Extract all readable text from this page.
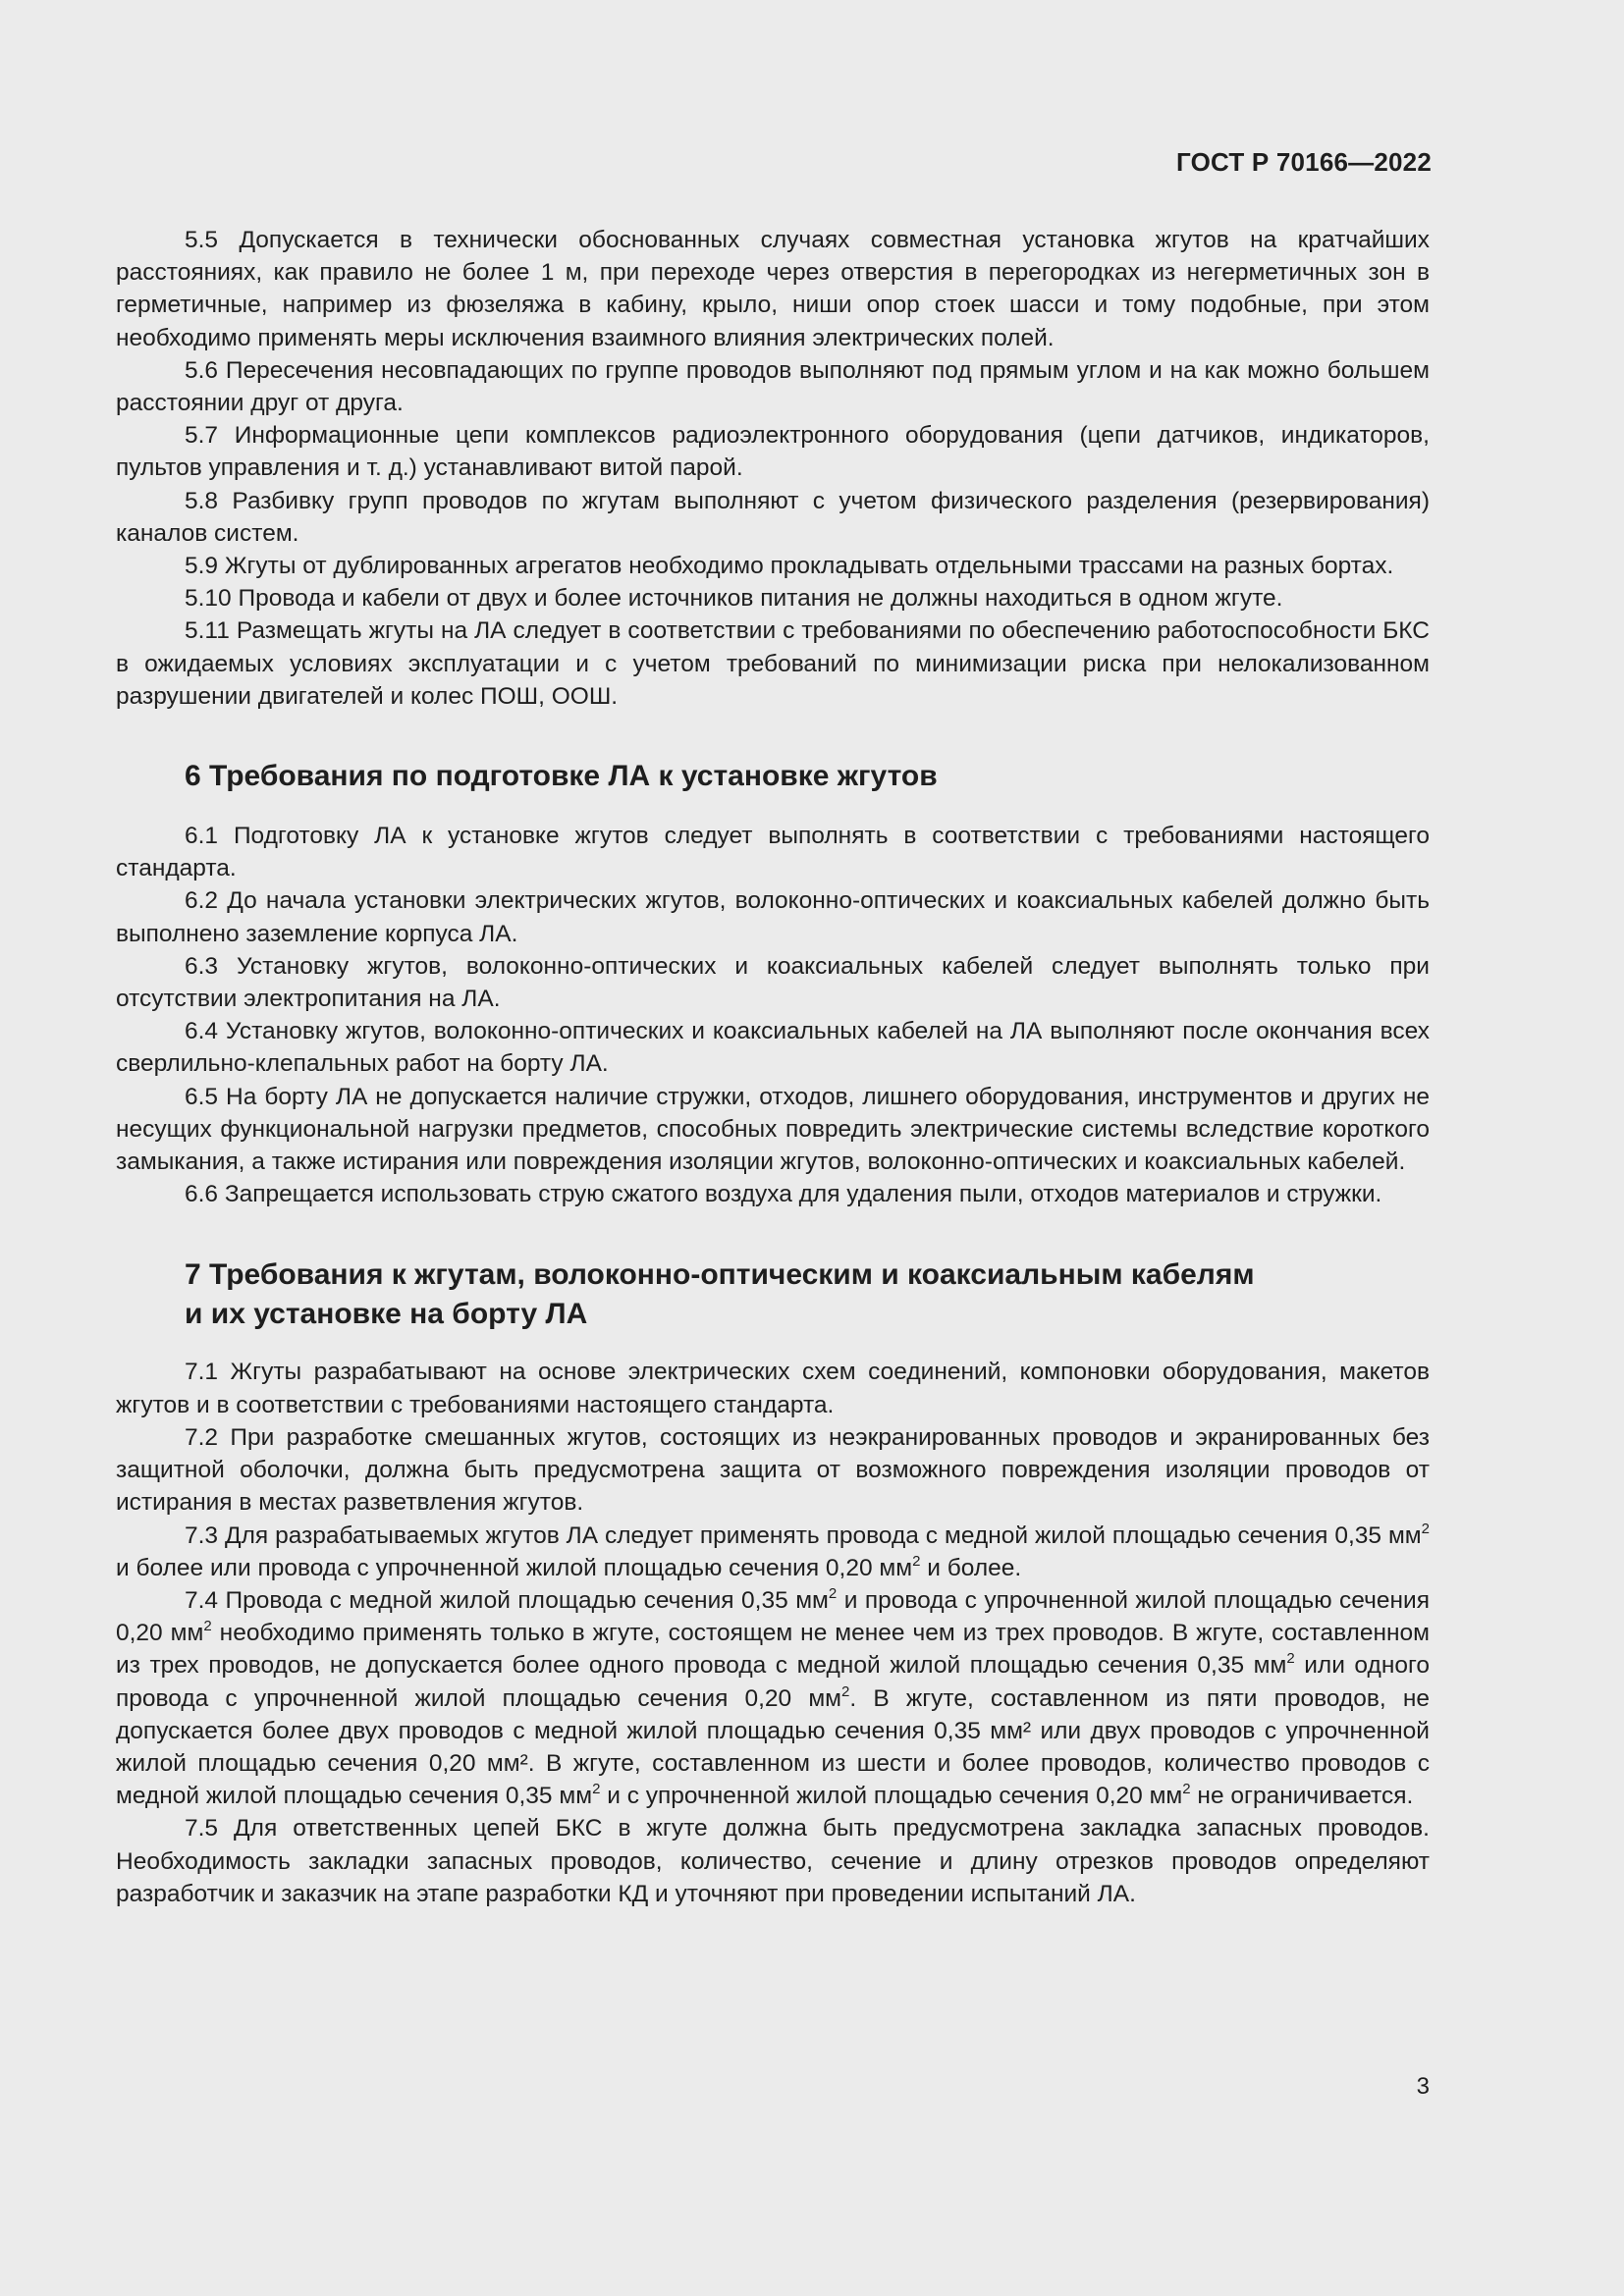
ГОСТ Р 70166—2022

5.5 Допускается в технически обоснованных случаях совместная установка жгутов на кратчайших расстояниях, как правило не более 1 м, при переходе через отверстия в перегородках из негерметичных зон в герметичные, например из фюзеляжа в кабину, крыло, ниши опор стоек шасси и тому подобные, при этом необходимо применять меры исключения взаимного влияния электрических полей.

5.6 Пересечения несовпадающих по группе проводов выполняют под прямым углом и на как можно большем расстоянии друг от друга.

5.7 Информационные цепи комплексов радиоэлектронного оборудования (цепи датчиков, индикаторов, пультов управления и т. д.) устанавливают витой парой.

5.8 Разбивку групп проводов по жгутам выполняют с учетом физического разделения (резервирования) каналов систем.

5.9 Жгуты от дублированных агрегатов необходимо прокладывать отдельными трассами на разных бортах.

5.10 Провода и кабели от двух и более источников питания не должны находиться в одном жгуте.

5.11 Размещать жгуты на ЛА следует в соответствии с требованиями по обеспечению работоспособности БКС в ожидаемых условиях эксплуатации и с учетом требований по минимизации риска при нелокализованном разрушении двигателей и колес ПОШ, ООШ.

6 Требования по подготовке ЛА к установке жгутов

6.1 Подготовку ЛА к установке жгутов следует выполнять в соответствии с требованиями настоящего стандарта.

6.2 До начала установки электрических жгутов, волоконно-оптических и коаксиальных кабелей должно быть выполнено заземление корпуса ЛА.

6.3 Установку жгутов, волоконно-оптических и коаксиальных кабелей следует выполнять только при отсутствии электропитания на ЛА.

6.4 Установку жгутов, волоконно-оптических и коаксиальных кабелей на ЛА выполняют после окончания всех сверлильно-клепальных работ на борту ЛА.

6.5 На борту ЛА не допускается наличие стружки, отходов, лишнего оборудования, инструментов и других не несущих функциональной нагрузки предметов, способных повредить электрические системы вследствие короткого замыкания, а также истирания или повреждения изоляции жгутов, волоконно-оптических и коаксиальных кабелей.

6.6 Запрещается использовать струю сжатого воздуха для удаления пыли, отходов материалов и стружки.

7 Требования к жгутам, волоконно-оптическим и коаксиальным кабелям
и их установке на борту ЛА

7.1 Жгуты разрабатывают на основе электрических схем соединений, компоновки оборудования, макетов жгутов и в соответствии с требованиями настоящего стандарта.

7.2 При разработке смешанных жгутов, состоящих из неэкранированных проводов и экранированных без защитной оболочки, должна быть предусмотрена защита от возможного повреждения изоляции проводов от истирания в местах разветвления жгутов.

7.3 Для разрабатываемых жгутов ЛА следует применять провода с медной жилой площадью сечения 0,35 $мм^2$ и более или провода с упрочненной жилой площадью сечения 0,20 $мм^2$ и более.

7.4 Провода с медной жилой площадью сечения 0,35 $мм^2$ и провода с упрочненной жилой площадью сечения 0,20 $мм^2$ необходимо применять только в жгуте, состоящем не менее чем из трех проводов. В жгуте, составленном из трех проводов, не допускается более одного провода с медной жилой площадью сечения 0,35 $мм^2$ или одного провода с упрочненной жилой площадью сечения 0,20 $мм^2$. В жгуте, составленном из пяти проводов, не допускается более двух проводов с медной жилой площадью сечения 0,35 мм² или двух проводов с упрочненной жилой площадью сечения 0,20 мм². В жгуте, составленном из шести и более проводов, количество проводов с медной жилой площадью сечения 0,35 $мм^2$ и с упрочненной жилой площадью сечения 0,20 $мм^2$ не ограничивается.

7.5 Для ответственных цепей БКС в жгуте должна быть предусмотрена закладка запасных проводов. Необходимость закладки запасных проводов, количество, сечение и длину отрезков проводов определяют разработчик и заказчик на этапе разработки КД и уточняют при проведении испытаний ЛА.

3
